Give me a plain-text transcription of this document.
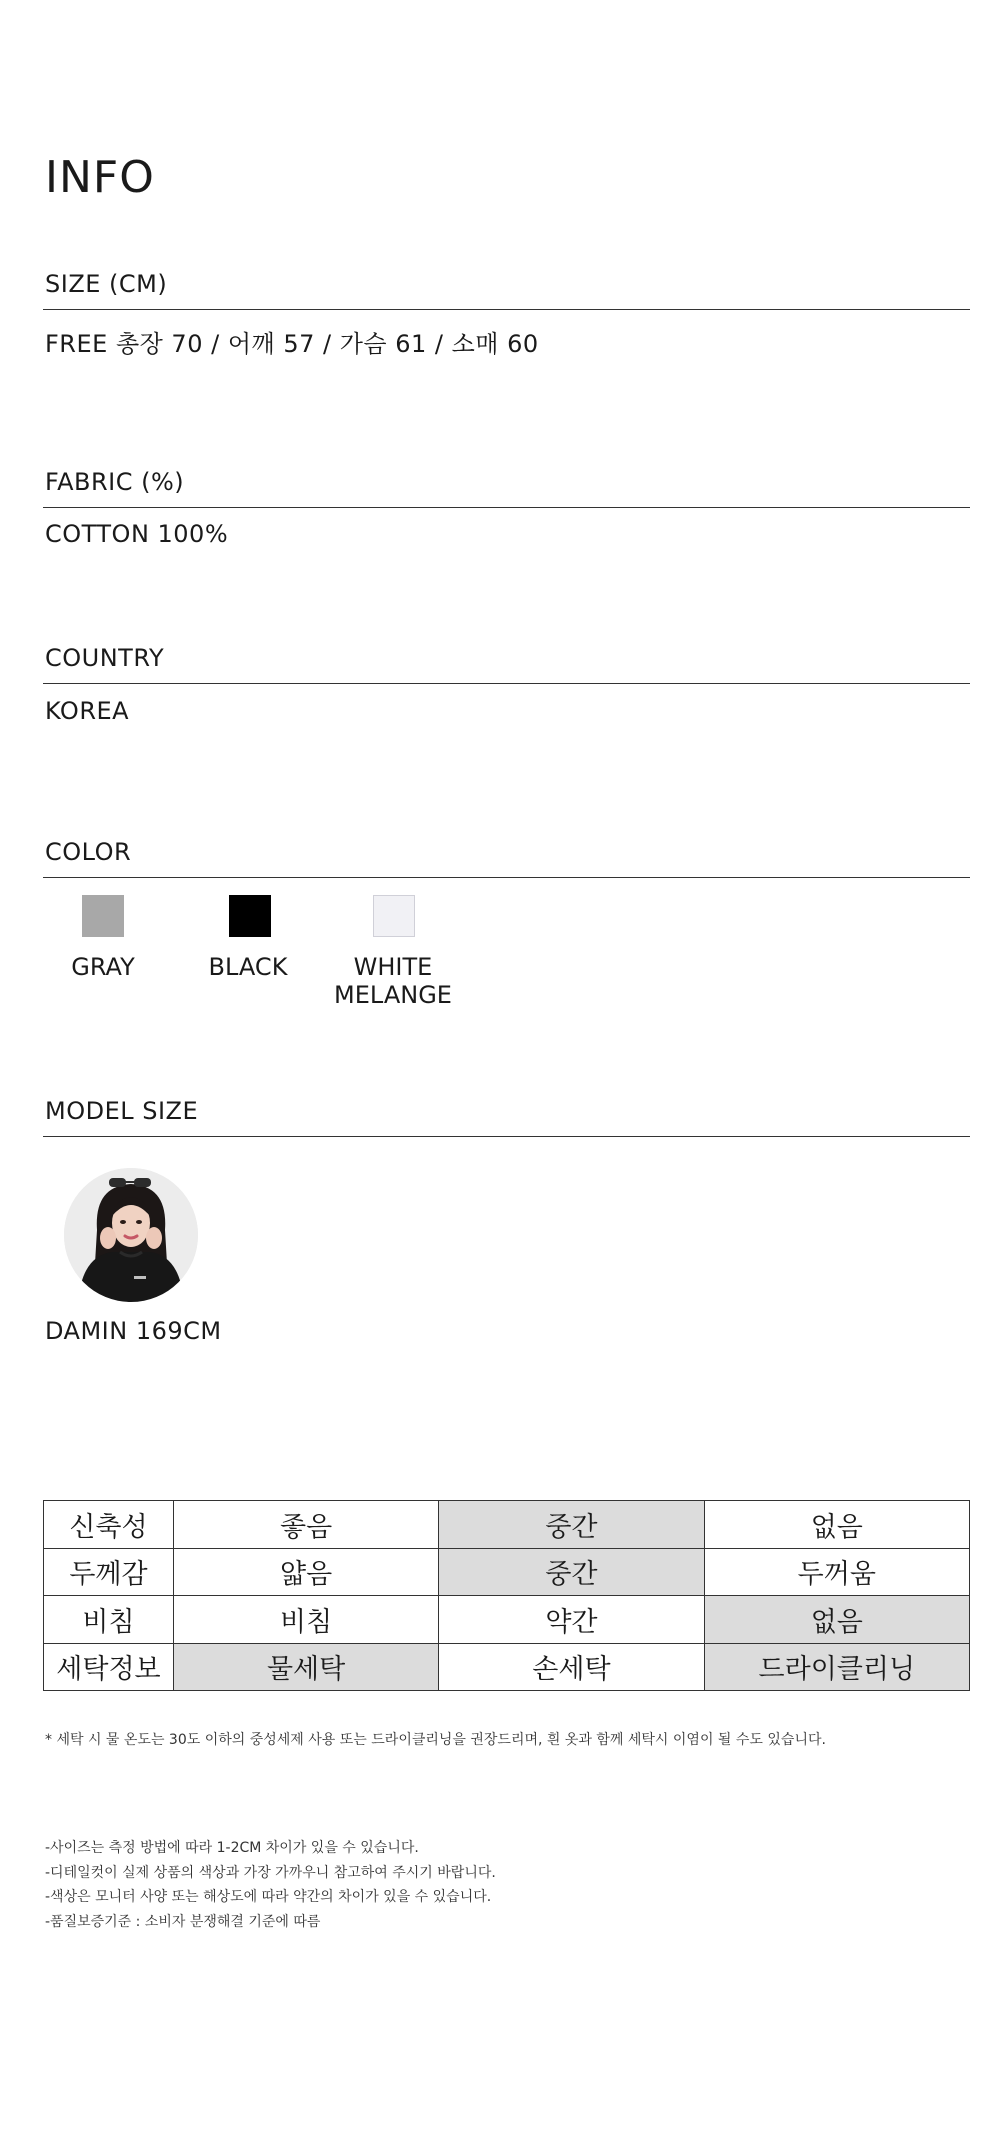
INFO
SIZE (CM)
FREE 총장 70 / 어깨 57 / 가슴 61 / 소매 60
FABRIC (%)
COTTON 100%
COUNTRY
KOREA
COLOR
GRAY	BLACK	WHITE
MELANGE
MODEL SIZE
DAMIN 169CM
신축성	좋음	중간	없음
두께감	얇음	중간	두꺼움
비침	비침	약간	없음
세탁정보	물세탁	손세탁	드라이클리닝
* 세탁 시 물 온도는 30도 이하의 중성세제 사용 또는 드라이클리닝을 권장드리며, 흰 옷과 함께 세탁시 이염이 될 수도 있습니다.
-사이즈는 측정 방법에 따라 1-2CM 차이가 있을 수 있습니다.
-디테일컷이 실제 상품의 색상과 가장 가까우니 참고하여 주시기 바랍니다.
-색상은 모니터 사양 또는 해상도에 따라 약간의 차이가 있을 수 있습니다.
-품질보증기준 : 소비자 분쟁해결 기준에 따름
